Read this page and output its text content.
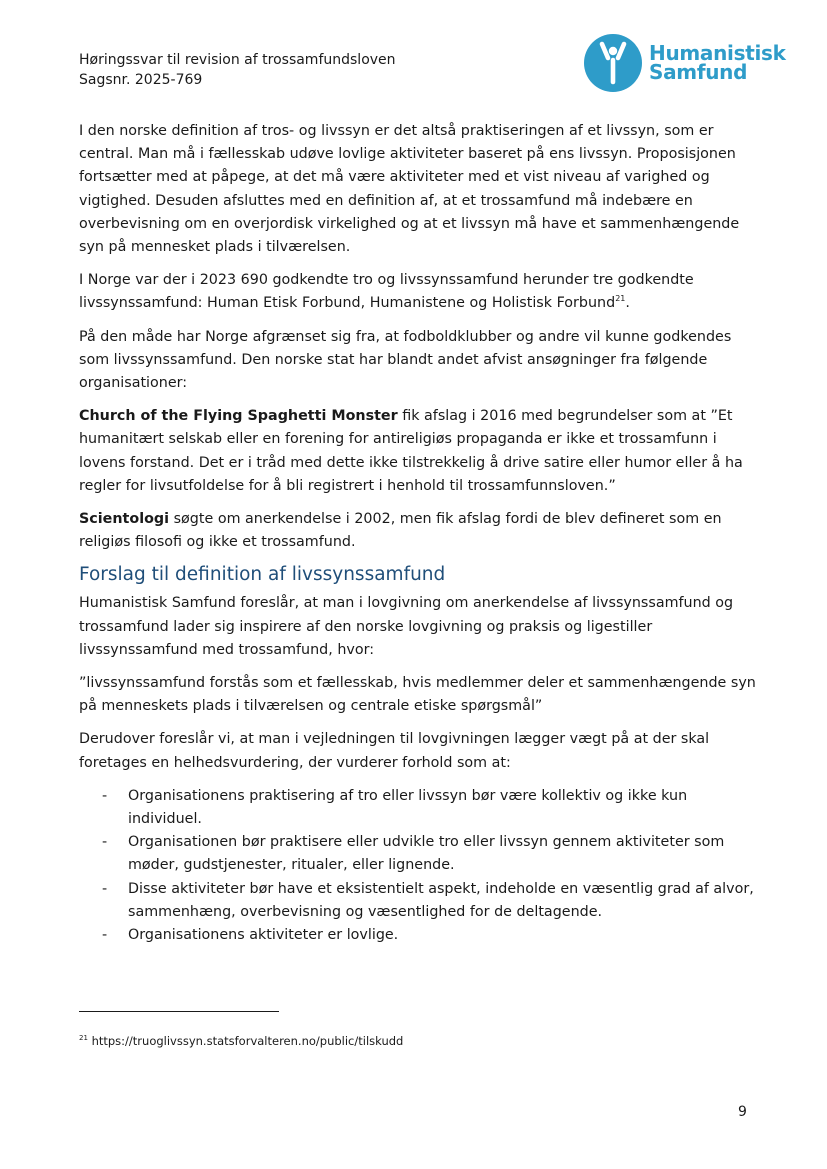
Høringssvar til revision af trossamfundsloven
Sagsnr. 2025-769
Humanistisk
Samfund

I den norske definition af tros- og livssyn er det altså praktiseringen af et livssyn, som er central. Man må i fællesskab udøve lovlige aktiviteter baseret på ens livssyn. Proposisjonen fortsætter med at påpege, at det må være aktiviteter med et vist niveau af varighed og vigtighed. Desuden afsluttes med en definition af, at et trossamfund må indebære en overbevisning om en overjordisk virkelighed og at et livssyn må have et sammenhængende syn på mennesket plads i tilværelsen.

I Norge var der i 2023 690 godkendte tro og livssynssamfund herunder tre godkendte livssynssamfund: Human Etisk Forbund, Humanistene og Holistisk Forbund$^{21}$.

På den måde har Norge afgrænset sig fra, at fodboldklubber og andre vil kunne godkendes som livssynssamfund. Den norske stat har blandt andet afvist ansøgninger fra følgende organisationer:

Church of the Flying Spaghetti Monster fik afslag i 2016 med begrundelser som at ”Et humanitært selskab eller en forening for antireligiøs propaganda er ikke et trossamfunn i lovens forstand. Det er i tråd med dette ikke tilstrekkelig å drive satire eller humor eller å ha regler for livsutfoldelse for å bli registrert i henhold til trossamfunnsloven.”

Scientologi søgte om anerkendelse i 2002, men fik afslag fordi de blev defineret som en religiøs filosofi og ikke et trossamfund.

Forslag til definition af livssynssamfund

Humanistisk Samfund foreslår, at man i lovgivning om anerkendelse af livssynssamfund og trossamfund lader sig inspirere af den norske lovgivning og praksis og ligestiller livssynssamfund med trossamfund, hvor:

”livssynssamfund forstås som et fællesskab, hvis medlemmer deler et sammenhængende syn på menneskets plads i tilværelsen og centrale etiske spørgsmål”

Derudover foreslår vi, at man i vejledningen til lovgivningen lægger vægt på at der skal foretages en helhedsvurdering, der vurderer forhold som at:

- Organisationens praktisering af tro eller livssyn bør være kollektiv og ikke kun individuel.
- Organisationen bør praktisere eller udvikle tro eller livssyn gennem aktiviteter som møder, gudstjenester, ritualer, eller lignende.
- Disse aktiviteter bør have et eksistentielt aspekt, indeholde en væsentlig grad af alvor, sammenhæng, overbevisning og væsentlighed for de deltagende.
- Organisationens aktiviteter er lovlige.
$^{21}$ https://truoglivssyn.statsforvalteren.no/public/tilskudd
9
